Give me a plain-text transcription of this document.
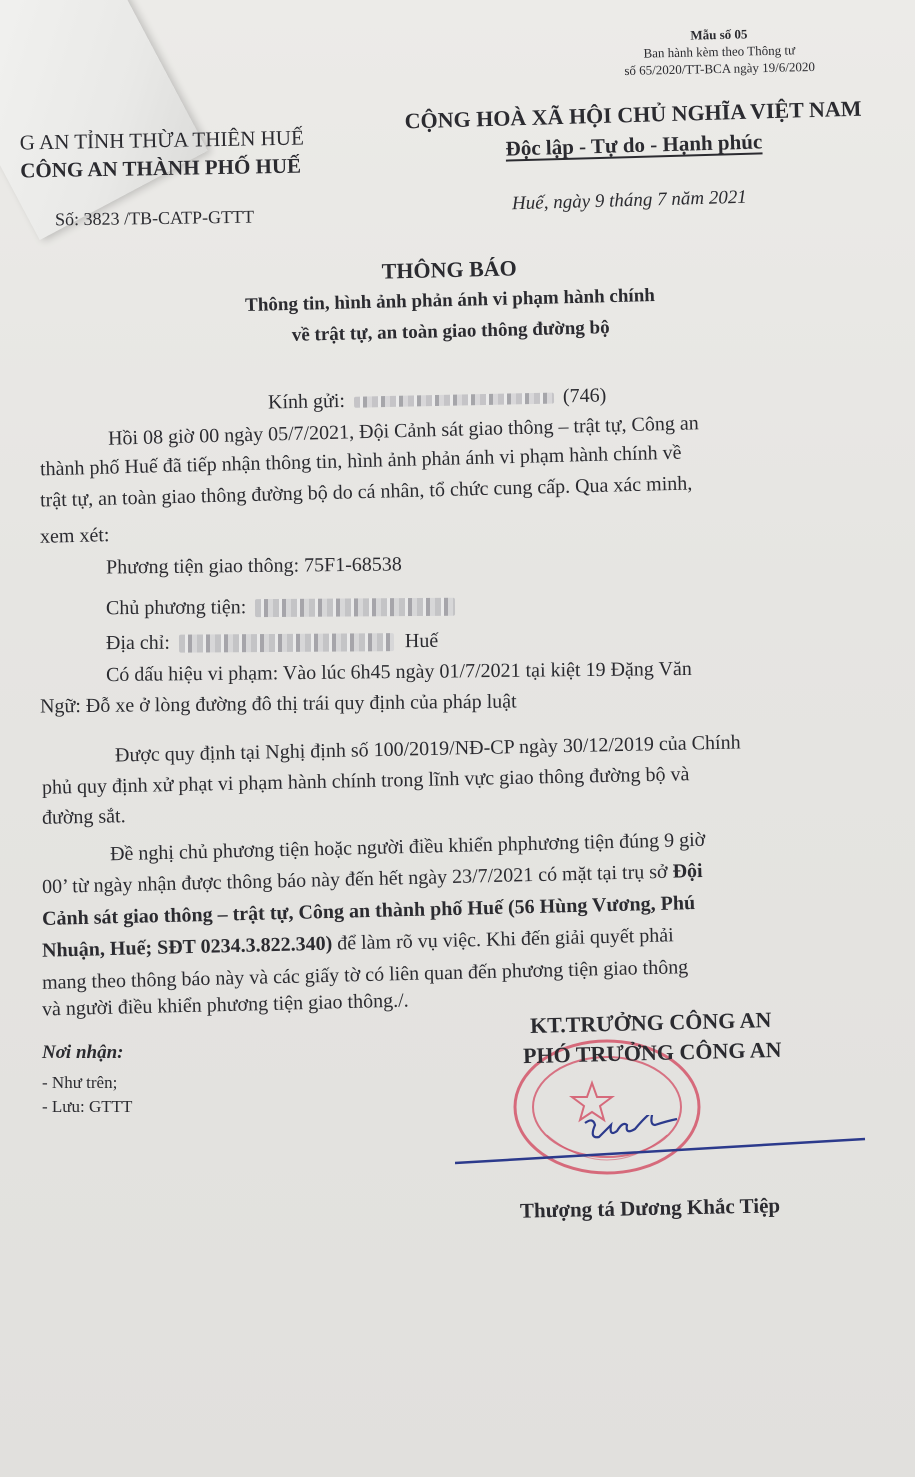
Mẫu số 05
Ban hành kèm theo Thông tư
số 65/2020/TT-BCA ngày 19/6/2020
G AN TỈNH THỪA THIÊN HUẾ
CÔNG AN THÀNH PHỐ HUẾ
CỘNG HOÀ XÃ HỘI CHỦ NGHĨA VIỆT NAM
Độc lập - Tự do - Hạnh phúc
Số: 3823 /TB-CATP-GTTT
Huế, ngày 9 tháng 7 năm 2021
THÔNG BÁO
Thông tin, hình ảnh phản ánh vi phạm hành chính
về trật tự, an toàn giao thông đường bộ
Kính gửi:	(746)
Hồi 08 giờ 00 ngày 05/7/2021, Đội Cảnh sát giao thông – trật tự, Công an
thành phố Huế đã tiếp nhận thông tin, hình ảnh phản ánh vi phạm hành chính về
trật tự, an toàn giao thông đường bộ do cá nhân, tổ chức cung cấp. Qua xác minh,
xem xét:
Phương tiện giao thông: 75F1-68538
Chủ phương tiện:
Địa chỉ:	Huế
Có dấu hiệu vi phạm: Vào lúc 6h45 ngày 01/7/2021 tại kiệt 19 Đặng Văn
Ngữ: Đỗ xe ở lòng đường đô thị trái quy định của pháp luật
Được quy định tại Nghị định số 100/2019/NĐ-CP ngày 30/12/2019 của Chính
phủ quy định xử phạt vi phạm hành chính trong lĩnh vực giao thông đường bộ và
đường sắt.
Đề nghị chủ phương tiện hoặc người điều khiển phphương tiện đúng 9 giờ
00’ từ ngày nhận được thông báo này đến hết ngày 23/7/2021 có mặt tại trụ sở Đội
Cảnh sát giao thông – trật tự, Công an thành phố Huế (56 Hùng Vương, Phú
Nhuận, Huế; SĐT 0234.3.822.340) để làm rõ vụ việc. Khi đến giải quyết phải
mang theo thông báo này và các giấy tờ có liên quan đến phương tiện giao thông
và người điều khiển phương tiện giao thông./.
Nơi nhận:
- Như trên;
- Lưu: GTTT
KT.TRƯỞNG CÔNG AN
PHÓ TRƯỞNG CÔNG AN
Thượng tá Dương Khắc Tiệp
